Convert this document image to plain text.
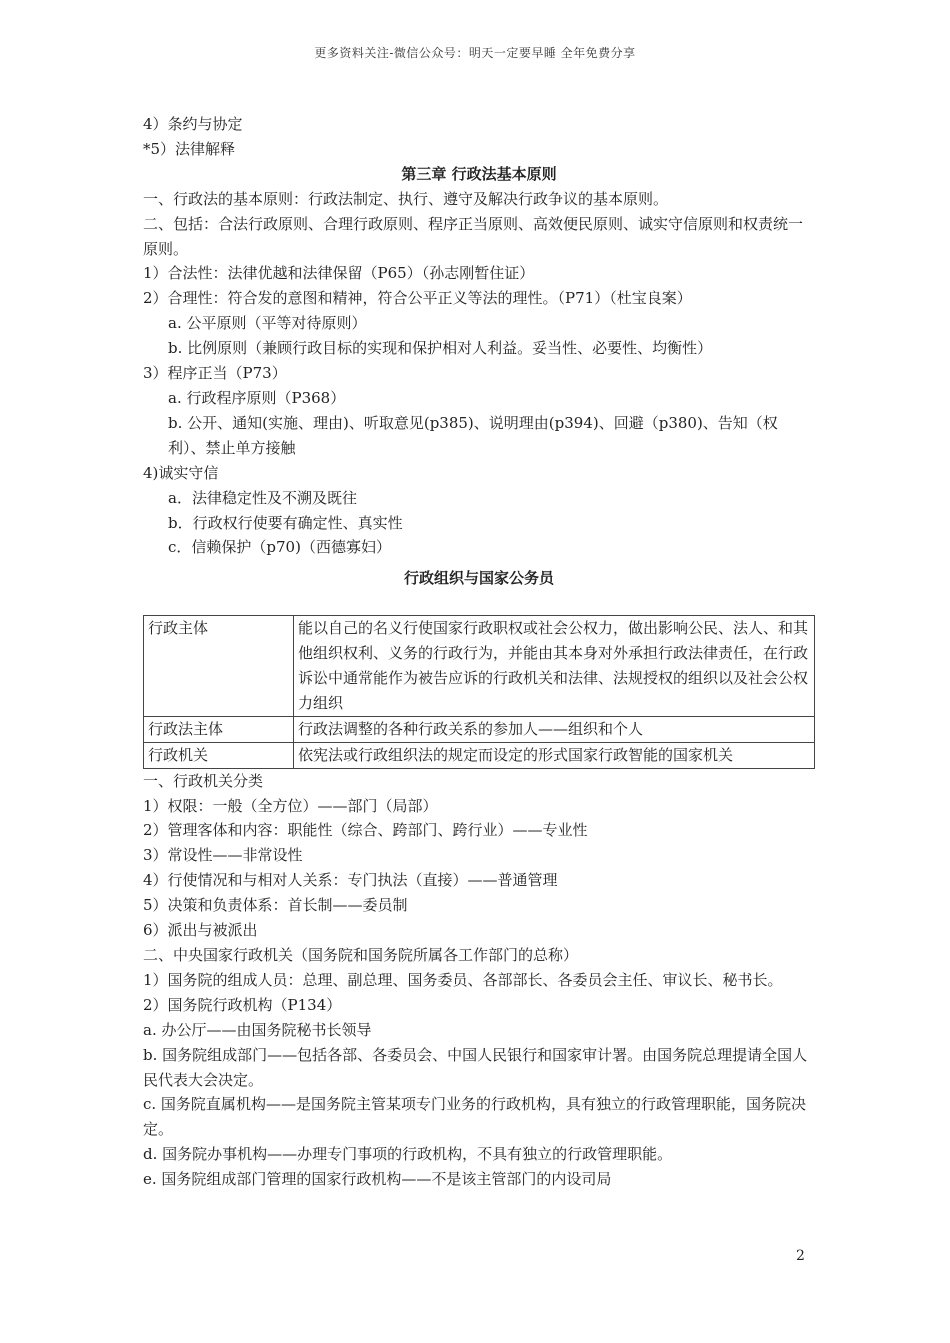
更多资料关注-微信公众号：明天一定要早睡 全年免费分享
4）条约与协定
*5）法律解释
第三章 行政法基本原则
一、行政法的基本原则：行政法制定、执行、遵守及解决行政争议的基本原则。
二、包括：合法行政原则、合理行政原则、程序正当原则、高效便民原则、诚实守信原则和权责统一原则。
1）合法性：法律优越和法律保留（P65）（孙志刚暂住证）
2）合理性：符合发的意图和精神，符合公平正义等法的理性。（P71）（杜宝良案）
a. 公平原则（平等对待原则）
b. 比例原则（兼顾行政目标的实现和保护相对人利益。妥当性、必要性、均衡性）
3）程序正当（P73）
a. 行政程序原则（P368）
b. 公开、通知(实施、理由)、听取意见(p385)、说明理由(p394)、回避（p380)、告知（权利）、禁止单方接触
4)诚实守信
a．法律稳定性及不溯及既往
b．行政权行使要有确定性、真实性
c．信赖保护（p70)（西德寡妇）
行政组织与国家公务员
行政主体	能以自己的名义行使国家行政职权或社会公权力，做出影响公民、法人、和其他组织权利、义务的行政行为，并能由其本身对外承担行政法律责任，在行政诉讼中通常能作为被告应诉的行政机关和法律、法规授权的组织以及社会公权力组织
行政法主体	行政法调整的各种行政关系的参加人——组织和个人
行政机关	依宪法或行政组织法的规定而设定的形式国家行政智能的国家机关
一、行政机关分类
1）权限：一般（全方位）——部门（局部）
2）管理客体和内容：职能性（综合、跨部门、跨行业）——专业性
3）常设性——非常设性
4）行使情况和与相对人关系：专门执法（直接）——普通管理
5）决策和负责体系：首长制——委员制
6）派出与被派出
二、中央国家行政机关（国务院和国务院所属各工作部门的总称）
1）国务院的组成人员：总理、副总理、国务委员、各部部长、各委员会主任、审议长、秘书长。
2）国务院行政机构（P134）
a. 办公厅——由国务院秘书长领导
b. 国务院组成部门——包括各部、各委员会、中国人民银行和国家审计署。由国务院总理提请全国人民代表大会决定。
c. 国务院直属机构——是国务院主管某项专门业务的行政机构，具有独立的行政管理职能，国务院决定。
d. 国务院办事机构——办理专门事项的行政机构，不具有独立的行政管理职能。
e. 国务院组成部门管理的国家行政机构——不是该主管部门的内设司局
2
